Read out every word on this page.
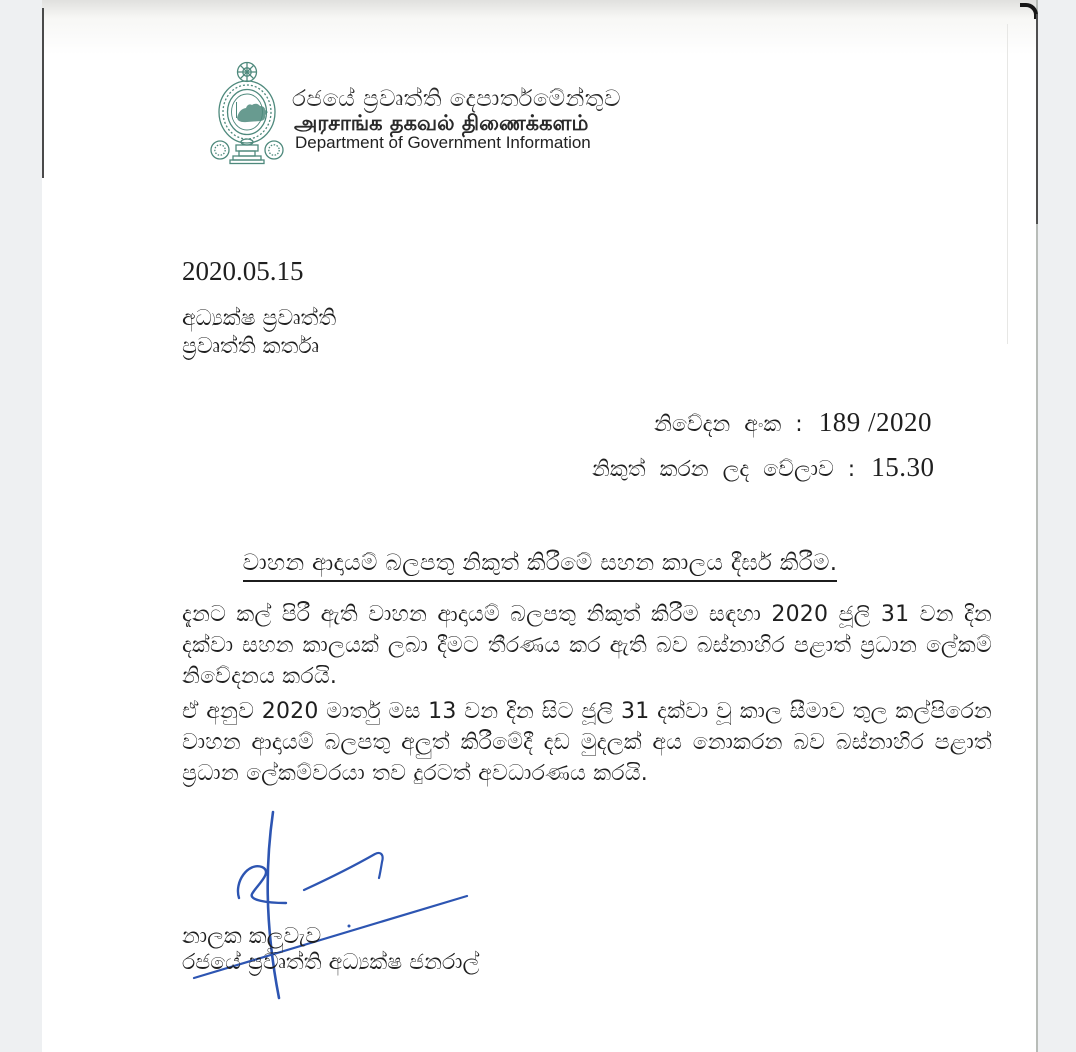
රජයේ ප්‍රවෘත්ති දෙපාර්තමේන්තුව
அரசாங்க தகவல் திணைக்களம்
Department of Government Information
2020.05.15
අධ්‍යක්ෂ ප්‍රවෘත්ති
ප්‍රවෘත්ති කර්තෘ
නිවේදන අංක : 189 /2020
නිකුත් කරන ලද වේලාව : 15.30
වාහන ආදායම් බලපතු නිකුත් කිරීමේ සහන කාලය දීර්ඝ කිරීම.

දැනට කල් පිරී ඇති වාහන ආදායම් බලපතු නිකුත් කිරීම සඳහා 2020 ජූලි 31 වන දින දක්වා සහන කාලයක් ලබා දීමට තීරණය කර ඇති බව බස්නාහිර පළාත් ප්‍රධාන ලේකම් නිවේදනය කරයි.

ඒ අනුව 2020 මාර්තු මස 13 වන දින සිට ජූලි 31 දක්වා වූ කාල සීමාව තුල කල්පිරෙන වාහන ආදායම් බලපතු අලුත් කිරීමේදී දඩ මුදලක් අය නොකරන බව බස්නාහිර පළාත් ප්‍රධාන ලේකම්වරයා තව දුරටත් අවධාරණය කරයි.

නාලක කලුවැව
රජයේ ප්‍රවෘත්ති අධ්‍යක්ෂ ජනරාල්
